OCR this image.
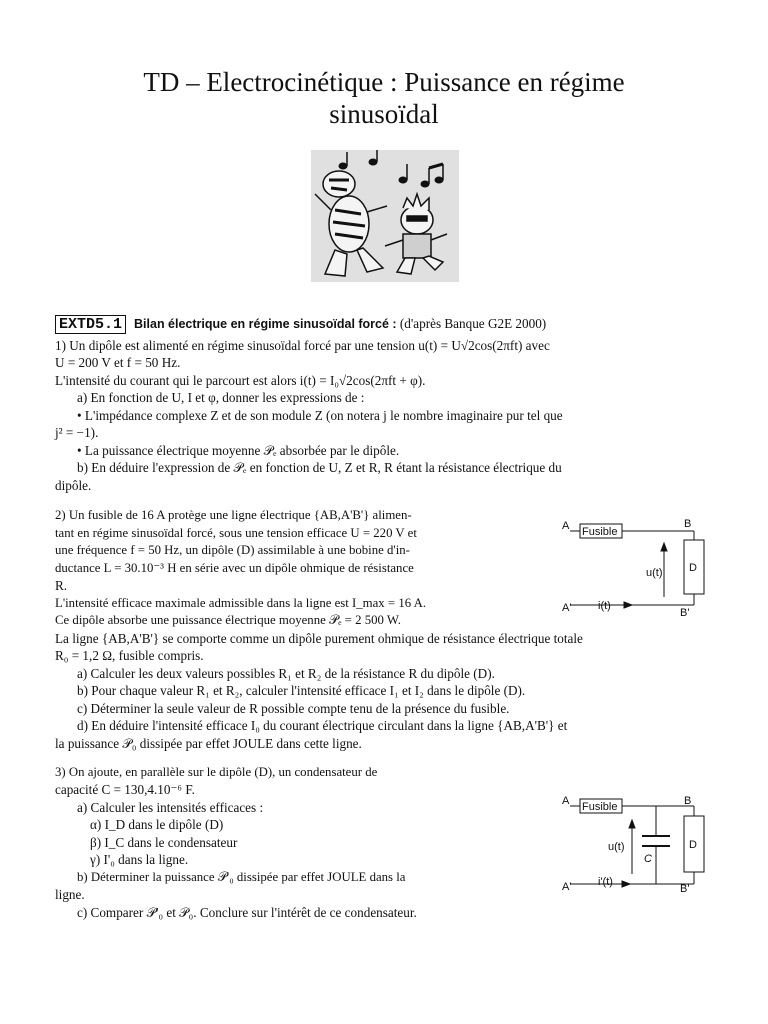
TD – Electrocinétique : Puissance en régime
sinusoïdal
EXTD5.1 Bilan électrique en régime sinusoïdal forcé : (d'après Banque G2E 2000)
1) Un dipôle est alimenté en régime sinusoïdal forcé par une tension u(t) = U√2cos(2πft) avec
U = 200 V et f = 50 Hz.
L'intensité du courant qui le parcourt est alors i(t) = I₀√2cos(2πft + φ).
a) En fonction de U, I et φ, donner les expressions de :
• L'impédance complexe Z et de son module Z (on notera j le nombre imaginaire pur tel que
j² = −1).
• La puissance électrique moyenne 𝒫ₑ absorbée par le dipôle.
b) En déduire l'expression de 𝒫ₑ en fonction de U, Z et R, R étant la résistance électrique du
dipôle.
2) Un fusible de 16 A protège une ligne électrique {AB,A'B'} alimen-
tant en régime sinusoïdal forcé, sous une tension efficace U = 220 V et
une fréquence f = 50 Hz, un dipôle (D) assimilable à une bobine d'in-
ductance L = 30.10⁻³ H en série avec un dipôle ohmique de résistance
R.
L'intensité efficace maximale admissible dans la ligne est I_max = 16 A.
Ce dipôle absorbe une puissance électrique moyenne 𝒫ₑ = 2 500 W.
La ligne {AB,A'B'} se comporte comme un dipôle purement ohmique de résistance électrique totale
R₀ = 1,2 Ω, fusible compris.
a) Calculer les deux valeurs possibles R₁ et R₂ de la résistance R du dipôle (D).
b) Pour chaque valeur R₁ et R₂, calculer l'intensité efficace I₁ et I₂ dans le dipôle (D).
c) Déterminer la seule valeur de R possible compte tenu de la présence du fusible.
d) En déduire l'intensité efficace I₀ du courant électrique circulant dans la ligne {AB,A'B'} et
la puissance 𝒫₀ dissipée par effet JOULE dans cette ligne.
3) On ajoute, en parallèle sur le dipôle (D), un condensateur de
capacité C = 130,4.10⁻⁶ F.
a) Calculer les intensités efficaces :
α) I_D dans le dipôle (D)
β) I_C dans le condensateur
γ) I'₀ dans la ligne.
b) Déterminer la puissance 𝒫'₀ dissipée par effet JOULE dans la
ligne.
c) Comparer 𝒫'₀ et 𝒫₀. Conclure sur l'intérêt de ce condensateur.
A	B
A'	B'
Fusible
u(t)
i(t)
D
A	B
A'	B'
Fusible
u(t)
i'(t)
D
C
